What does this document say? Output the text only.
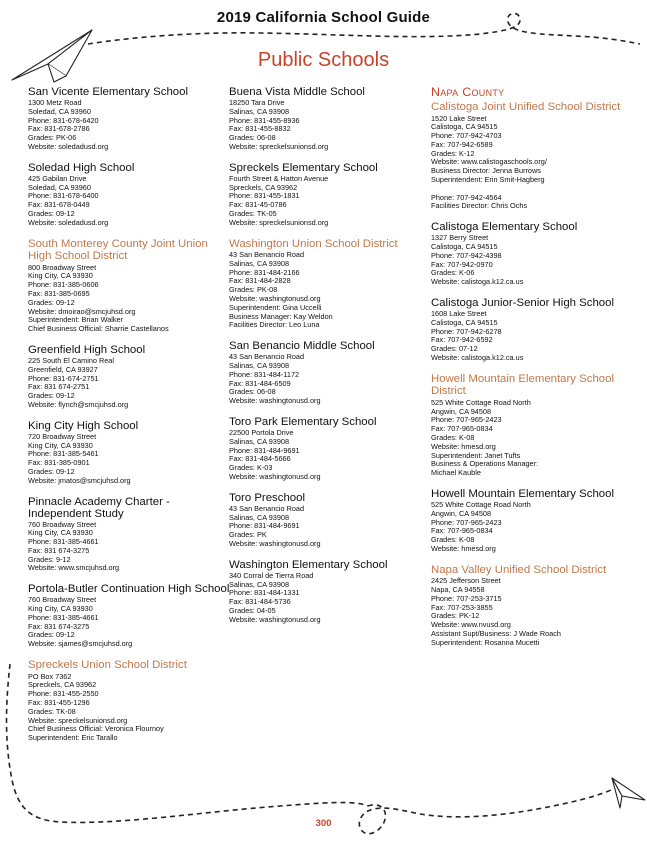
2019 California School Guide
Public Schools
San Vicente Elementary School
1300 Metz Road
Soledad, CA 93960
Phone: 831-678-6420
Fax: 831-678-2786
Grades: PK-06
Website: soledadusd.org
Soledad High School
425 Gabilan Drive
Soledad, CA 93960
Phone: 831-678-6400
Fax: 831-678-0449
Grades: 09-12
Website: soledadusd.org
South Monterey County Joint Union High School District
800 Broadway Street
King City, CA 93930
Phone: 831-385-0606
Fax: 831-385-0695
Grades: 09-12
Website: dmoirao@smcjuhsd.org
Superintendent: Brian Walker
Chief Business Official: Sharrie Castellanos
Greenfield High School
225 South El Camino Real
Greenfield, CA 93927
Phone: 831-674-2751
Fax: 831 674-2751
Grades: 09-12
Website: flynch@smcjuhsd.org
King City High School
720 Broadway Street
King City, CA 93930
Phone: 831-385-5461
Fax: 831-385-0901
Grades: 09-12
Website: jmatos@smcjuhsd.org
Pinnacle Academy Charter - Independent Study
760 Broadway Street
King City, CA 93930
Phone: 831-385-4661
Fax: 831 674-3275
Grades: 9-12
Website: www.smcjuhsd.org
Portola-Butler Continuation High School
760 Broadway Street
King City, CA 93930
Phone: 831-385-4661
Fax: 831 674-3275
Grades: 09-12
Website: sjames@smcjuhsd.org
Spreckels Union School District
PO Box 7362
Spreckels, CA 93962
Phone: 831-455-2550
Fax: 831-455-1296
Grades: TK-08
Website: spreckelsunionsd.org
Chief Business Official: Veronica Flournoy
Superintendent: Eric Tarallo
Buena Vista Middle School
18250 Tara Drive
Salinas, CA 93908
Phone: 831-455-8936
Fax: 831-455-8832
Grades: 06-08
Website: spreckelsunionsd.org
Spreckels Elementary School
Fourth Street & Hatton Avenue
Spreckels, CA 93962
Phone: 831-455-1831
Fax: 831-45-0786
Grades: TK-05
Website: spreckelsunionsd.org
Washington Union School District
43 San Benancio Road
Salinas, CA 93908
Phone: 831-484-2166
Fax: 831-484-2828
Grades: PK-08
Website: washingtonusd.org
Superintendent: Gina Uccelli
Business Manager: Kay Weldon
Facilities Director: Leo Luna
San Benancio Middle School
43 San Benancio Road
Salinas, CA 93908
Phone: 831-484-1172
Fax: 831-484-6509
Grades: 06-08
Website: washingtonusd.org
Toro Park Elementary School
22500 Portola Drive
Salinas, CA 93908
Phone: 831-484-9691
Fax: 831-484-5666
Grades: K-03
Website: washingtonusd.org
Toro Preschool
43 San Benancio Road
Salinas, CA 93908
Phone: 831-484-9691
Grades: PK
Website: washingtonusd.org
Washington Elementary School
340 Corral de Tierra Road
Salinas, CA 93908
Phone: 831-484-1331
Fax: 831-484-5736
Grades: 04-05
Website: washingtonusd.org
Napa County
Calistoga Joint Unified School District
1520 Lake Street
Calistoga, CA 94515
Phone: 707-942-4703
Fax: 707-942-6589
Grades: K-12
Website: www.calistogaschools.org/
Business Director: Jenna Burrows
Superintendent: Erin Smit-Hagberg
Phone: 707-942-4564
Facilities Director: Chris Ochs
Calistoga Elementary School
1327 Berry Street
Calistoga, CA 94515
Phone: 707-942-4398
Fax: 707-942-0970
Grades: K-06
Website: calistoga.k12.ca.us
Calistoga Junior-Senior High School
1608 Lake Street
Calistoga, CA 94515
Phone: 707-942-6278
Fax: 707-942-6592
Grades: 07-12
Website: calistoga.k12.ca.us
Howell Mountain Elementary School District
525 White Cottage Road North
Angwin, CA 94508
Phone: 707-965-2423
Fax: 707-965-0834
Grades: K-08
Website: hmesd.org
Superintendent: Janet Tufts
Business & Operations Manager:
Michael Kauble
Howell Mountain Elementary School
525 White Cottage Road North
Angwin, CA 94508
Phone: 707-965-2423
Fax: 707-965-0834
Grades: K-08
Website: hmesd.org
Napa Valley Unified School District
2425 Jefferson Street
Napa, CA 94558
Phone: 707-253-3715
Fax: 707-253-3855
Grades: PK-12
Website: www.nvusd.org
Assistant Supt/Business: J Wade Roach
Superintendent: Rosanna Mucetti
300
